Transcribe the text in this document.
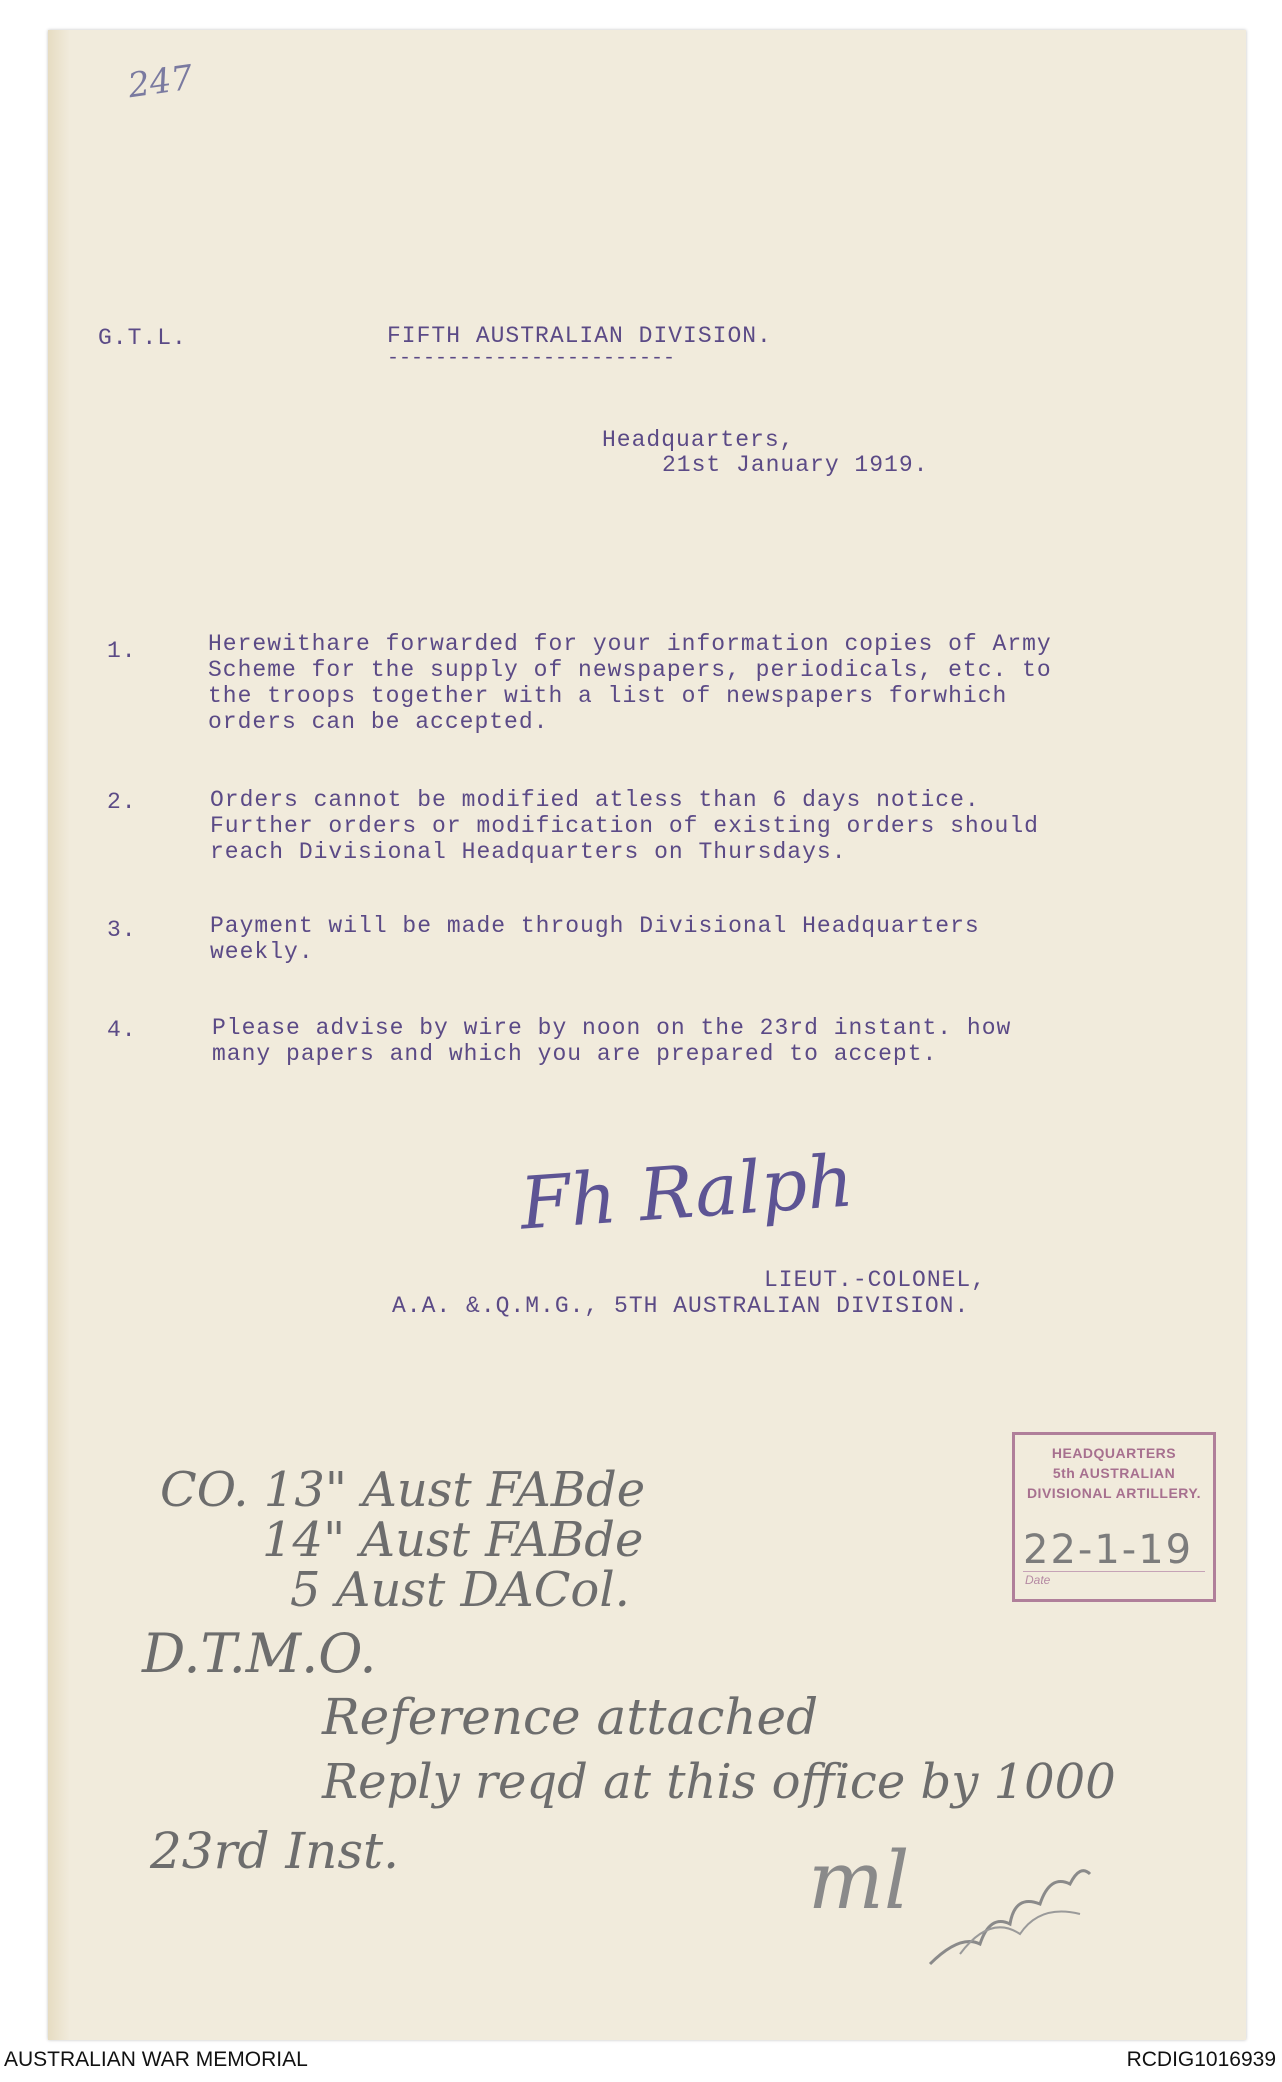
247
G.T.L.	FIFTH AUSTRALIAN DIVISION.
------------------------
Headquarters,
21st January 1919.
1.	Herewithare forwarded for your information copies of Army
Scheme for the supply of newspapers, periodicals, etc. to
the troops together with a list of newspapers forwhich
orders can be accepted.
2.	Orders cannot be modified atless than 6 days notice.
Further orders or modification of existing orders should
reach Divisional Headquarters on Thursdays.
3.	Payment will be made through Divisional Headquarters
weekly.
4.	Please advise by wire by noon on the 23rd instant. how
many papers and which you are prepared to accept.
Fh Ralph
LIEUT.-COLONEL,
A.A. &.Q.M.G., 5TH AUSTRALIAN DIVISION.
HEADQUARTERS
5th AUSTRALIAN
DIVISIONAL ARTILLERY.
22-1-19
Date
CO. 13" Aust FABde
14" Aust FABde
5 Aust DACol.
D.T.M.O.
Reference attached
Reply reqd at this office by 1000
23rd Inst.	ml
AUSTRALIAN WAR MEMORIAL	RCDIG1016939
